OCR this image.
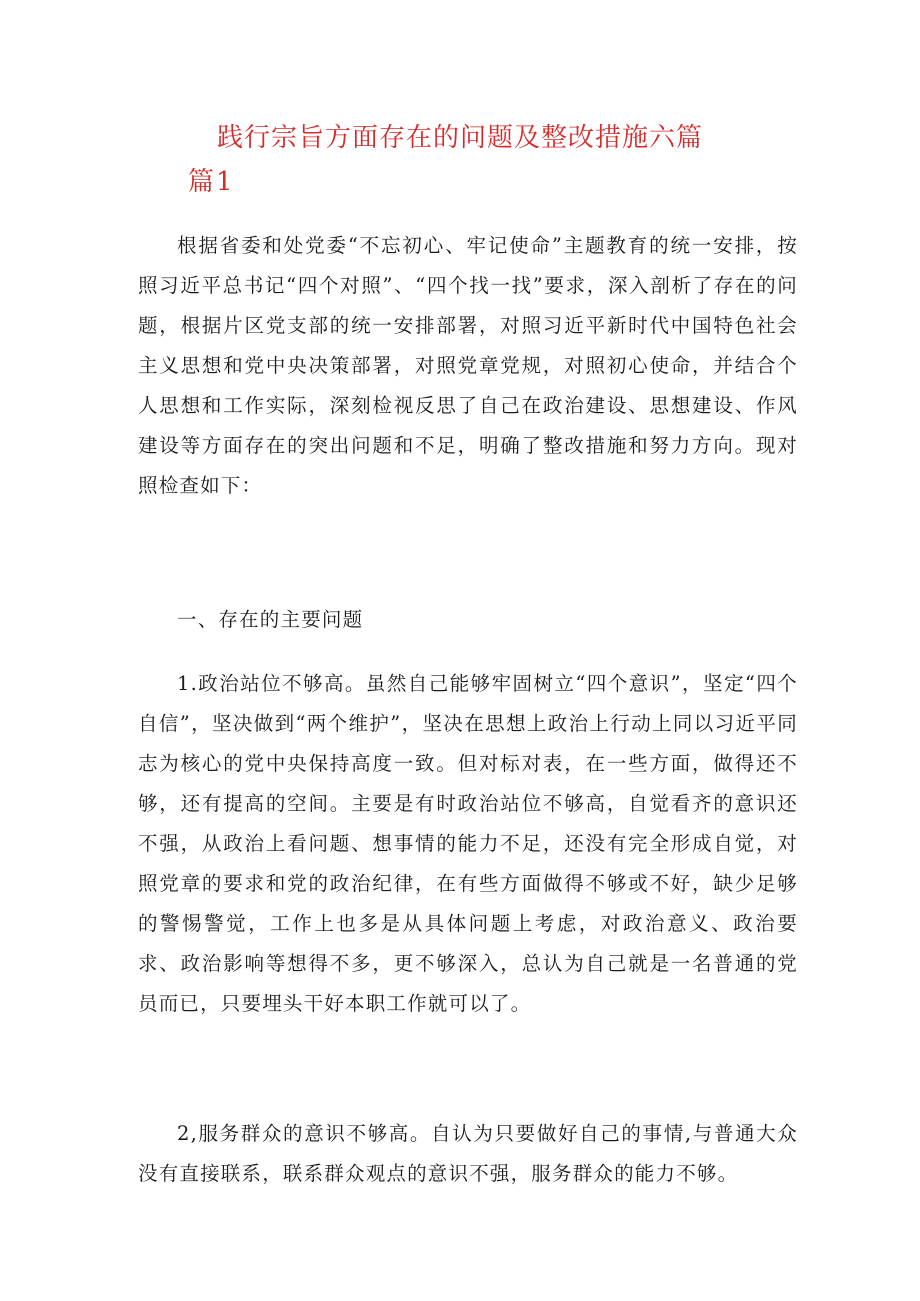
践行宗旨方面存在的问题及整改措施六篇
篇1

根据省委和处党委“不忘初心、牢记使命”主题教育的统一安排，按照习近平总书记“四个对照”、“四个找一找”要求，深入剖析了存在的问题，根据片区党支部的统一安排部署，对照习近平新时代中国特色社会主义思想和党中央决策部署，对照党章党规，对照初心使命，并结合个人思想和工作实际，深刻检视反思了自己在政治建设、思想建设、作风建设等方面存在的突出问题和不足，明确了整改措施和努力方向。现对照检查如下：

一、存在的主要问题

1.政治站位不够高。虽然自己能够牢固树立“四个意识”，坚定“四个自信”，坚决做到“两个维护”，坚决在思想上政治上行动上同以习近平同志为核心的党中央保持高度一致。但对标对表，在一些方面，做得还不够，还有提高的空间。主要是有时政治站位不够高，自觉看齐的意识还不强，从政治上看问题、想事情的能力不足，还没有完全形成自觉，对照党章的要求和党的政治纪律，在有些方面做得不够或不好，缺少足够的警惕警觉，工作上也多是从具体问题上考虑，对政治意义、政治要求、政治影响等想得不多，更不够深入，总认为自己就是一名普通的党员而已，只要埋头干好本职工作就可以了。

2,服务群众的意识不够高。自认为只要做好自己的事情,与普通大众没有直接联系，联系群众观点的意识不强，服务群众的能力不够。
